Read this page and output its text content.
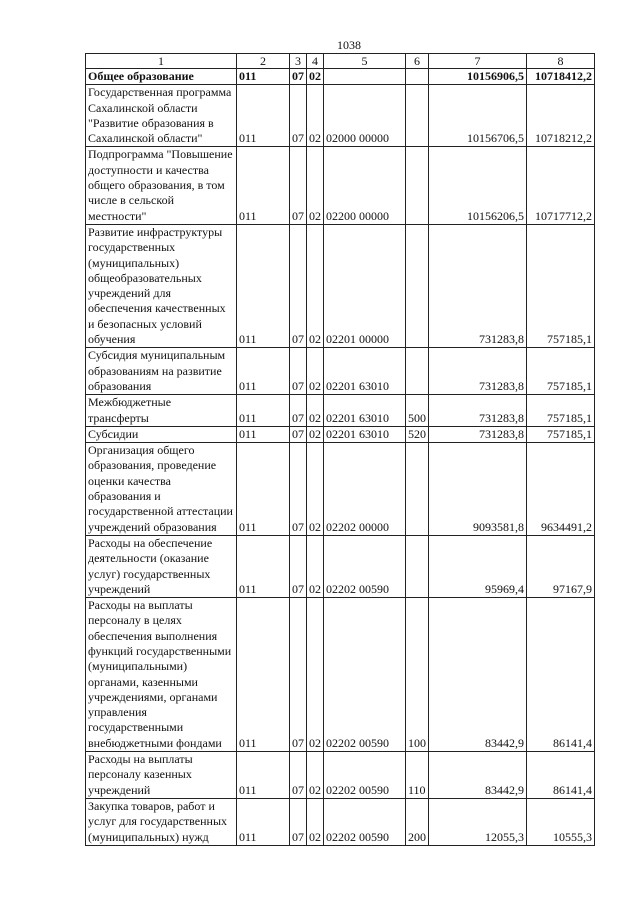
1038
1	2	3	4	5	6	7	8
Общее образование	011	07	02			10156906,5	10718412,2
Государственная программа Сахалинской области "Развитие образования в Сахалинской области"	011	07	02	02000 00000		10156706,5	10718212,2
Подпрограмма "Повышение доступности и качества общего образования, в том числе в сельской местности"	011	07	02	02200 00000		10156206,5	10717712,2
Развитие инфраструктуры государственных (муниципальных) общеобразовательных учреждений для обеспечения качественных и безопасных условий обучения	011	07	02	02201 00000		731283,8	757185,1
Субсидия муниципальным образованиям на развитие образования	011	07	02	02201 63010		731283,8	757185,1
Межбюджетные трансферты	011	07	02	02201 63010	500	731283,8	757185,1
Субсидии	011	07	02	02201 63010	520	731283,8	757185,1
Организация общего образования, проведение оценки качества образования и государственной аттестации учреждений образования	011	07	02	02202 00000		9093581,8	9634491,2
Расходы на обеспечение деятельности (оказание услуг) государственных учреждений	011	07	02	02202 00590		95969,4	97167,9
Расходы на выплаты персоналу в целях обеспечения выполнения функций государственными (муниципальными) органами, казенными учреждениями, органами управления государственными внебюджетными фондами	011	07	02	02202 00590	100	83442,9	86141,4
Расходы на выплаты персоналу казенных учреждений	011	07	02	02202 00590	110	83442,9	86141,4
Закупка товаров, работ и услуг для государственных (муниципальных) нужд	011	07	02	02202 00590	200	12055,3	10555,3
